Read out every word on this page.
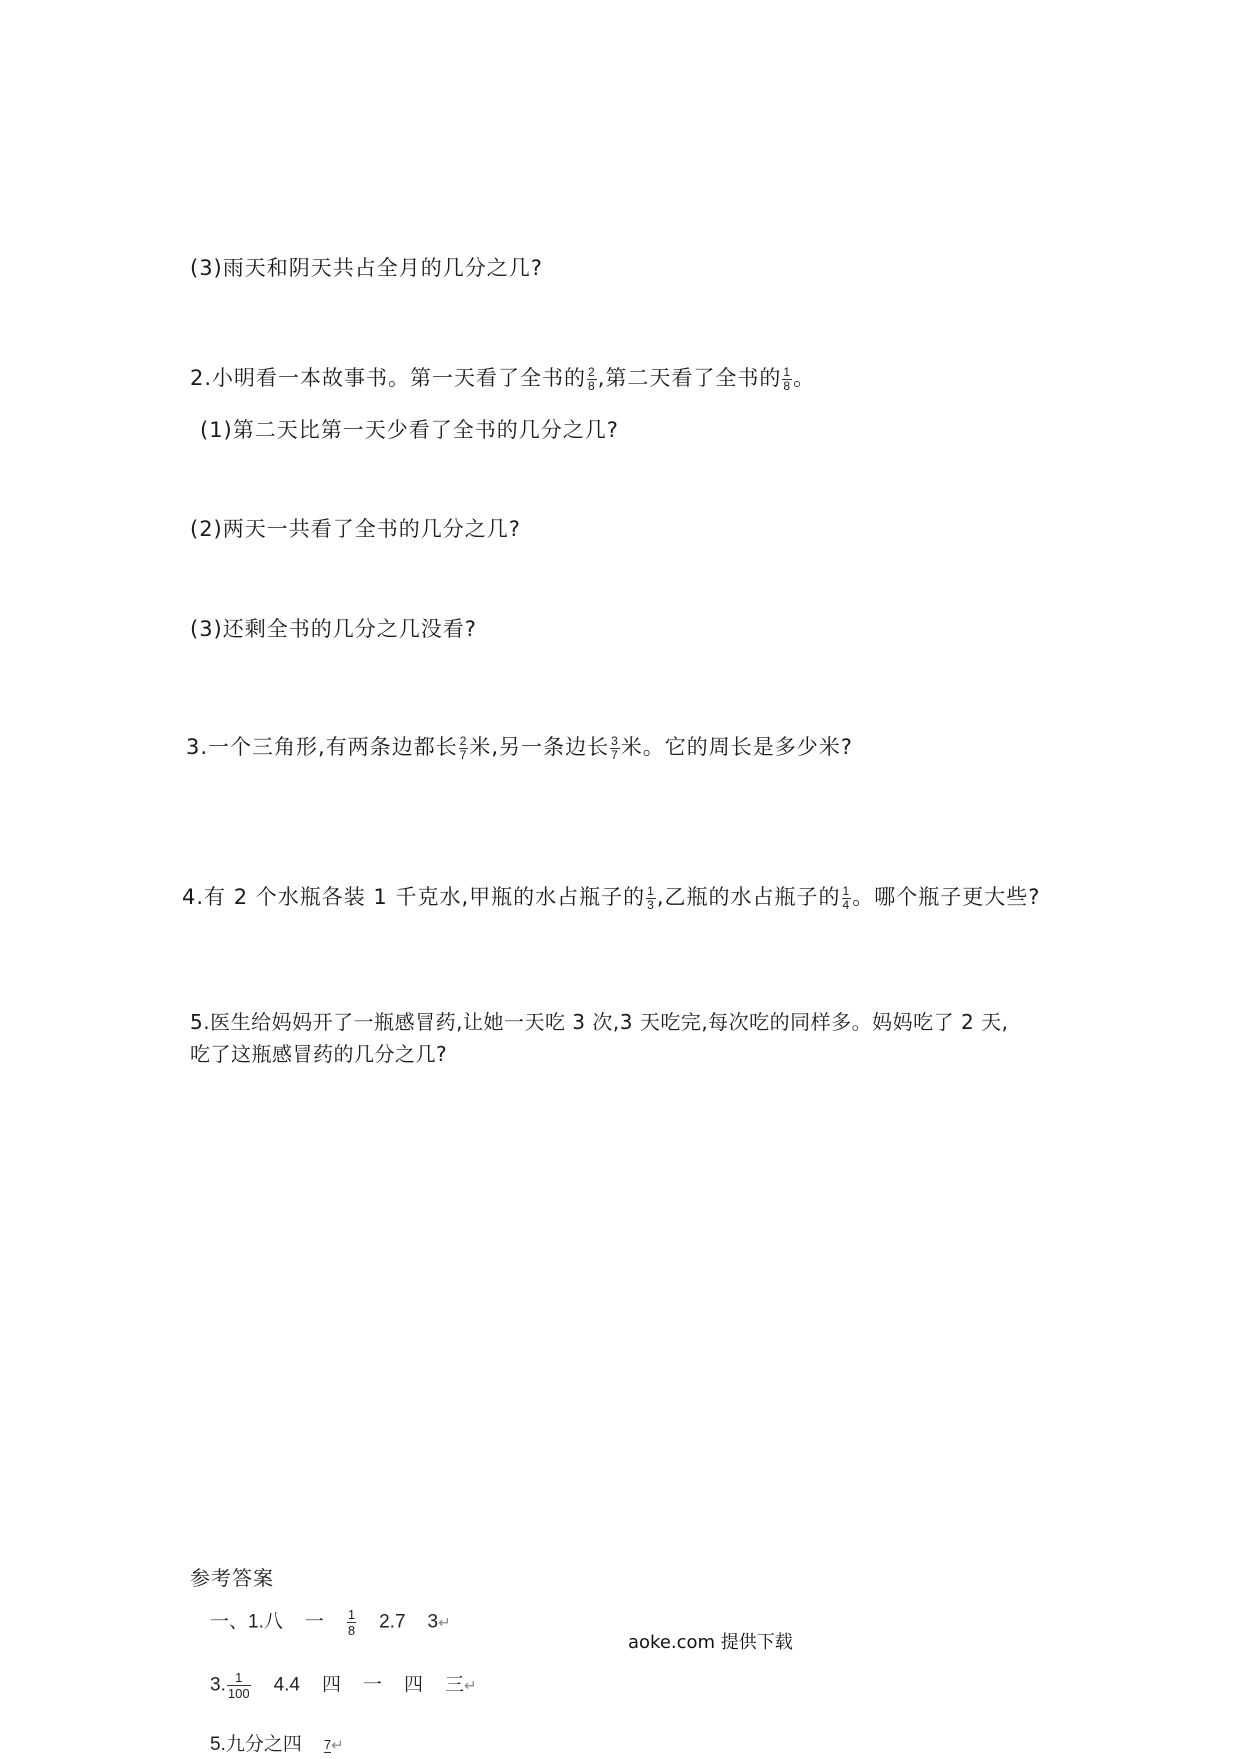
(3)雨天和阴天共占全月的几分之几?
2.小明看一本故事书。第一天看了全书的 $\frac{2}{8}$ ,第二天看了全书的 $\frac{1}{8}$ 。
(1)第二天比第一天少看了全书的几分之几?
(2)两天一共看了全书的几分之几?
(3)还剩全书的几分之几没看?
3.一个三角形,有两条边都长 $\frac{2}{7}$ 米,另一条边长 $\frac{3}{7}$ 米。它的周长是多少米?
4.有 2 个水瓶各装 1 千克水,甲瓶的水占瓶子的 $\frac{1}{3}$ ,乙瓶的水占瓶子的 $\frac{1}{4}$ 。哪个瓶子更大些?
5.医生给妈妈开了一瓶感冒药,让她一天吃 3 次,3 天吃完,每次吃的同样多。妈妈吃了 2 天,
吃了这瓶感冒药的几分之几?
参考答案
一、1.八 一 $\frac{1}{8} 2.7$ 3↵
3. $\frac{1}{100} 4.4$ 四 一 四 三↵
5.九分之四 $^7$↵
aoke.com 提供下载
